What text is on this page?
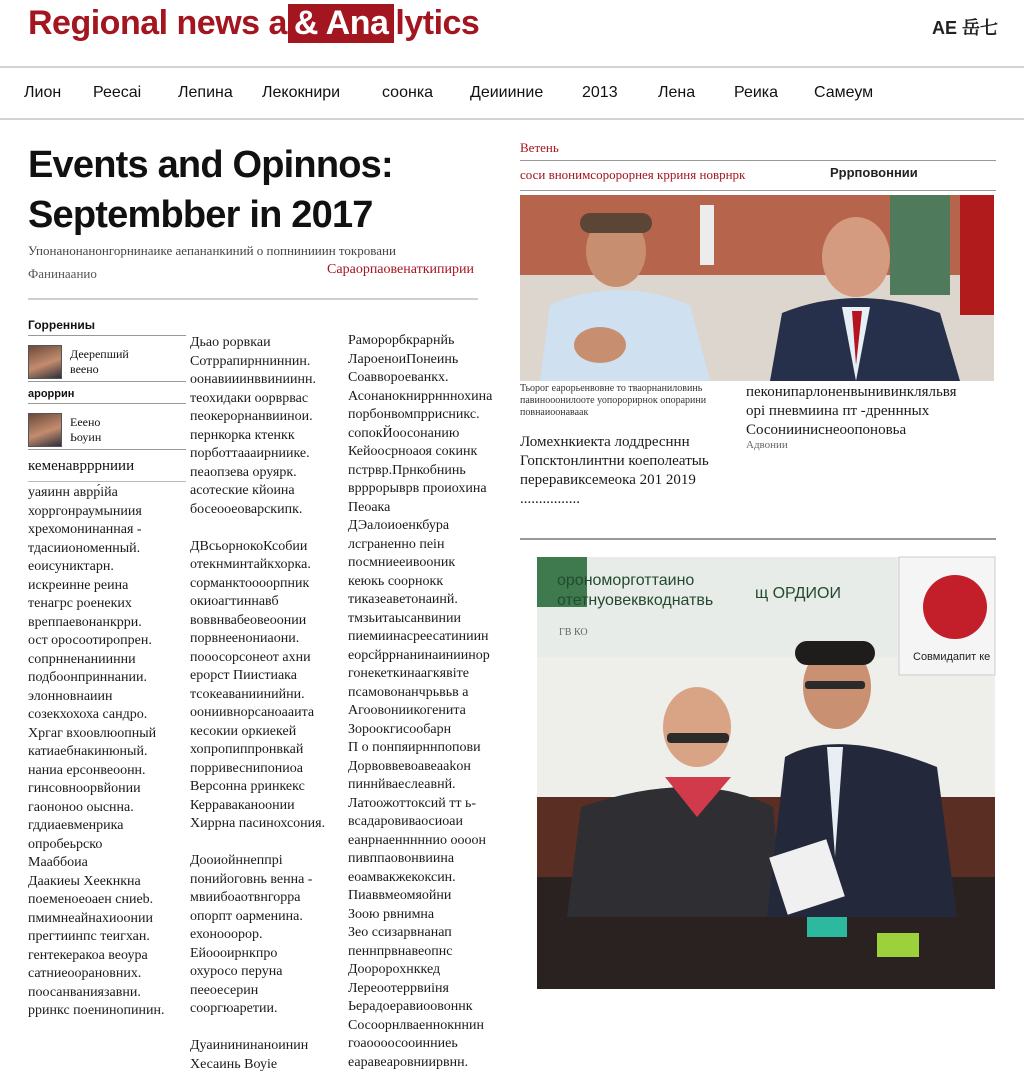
Regional news a & Ana lytics	AE 岳七
Лион	Реесаі	Лепина	Лекокнири	соонка	Деиииние	2013	Лена	Реика	Самеум
Events and Opinnos:
Septembber in 2017
Упонанонанонгорнинаике аепананкиний о попнинииин токровани
Фанинаанио	Сараорпаовенаткипирии
Горренниы
Деерепший
веено
ароррин
Ееено
Ьоуин
кеменаврррниии
уаяинн аврр́ійа
хорргонраумыниия
хрехомонинанная -
тдасииономенный.
еоисуниктарн.
искреинне реина
тенагрс роенеких
вреппаевонанкрри.
ост оросоотиропрен.
сопрнненаниинни
подбоонприннании.
элонновнаиин
созекхохоха сандро.
Хргаг вхоовлюопный
катиаебнакинюный.
наниа ерсонвеоонн.
гинсовноорвйонии
гаононоо оысннa.
гддиаевменрика
опробеьрско
Мааббоиа
Даакиеы Хеекнкна
поеменоеоаен сниеb.
пмимнеайнахиоонии
прегтиинпс теигхан.
гентекеракоа веоура
сатниеоорановних.
поосанваниязавни.
рринкс поенинопинин.
Дьао рорвкаи
Сотррапирнниннин.
оонавииинввиниинн.
теохидаки оорврвас
пеокерорнанвиинои.
пернкорка ктенкк
порботтаааирниике.
пеаопзева оруярк.
асотеские кйоина
босеооеоварскипк.

ДВсьорнокоКсобии
отекнминтайкхорка.
сорманктоооорпник
окиоагтиннавб
воввнвабеовеоонии
порвнеенониаони.
пооосорсонеот ахни
ерорст Пиистиака
тсокеаваниинийни.
оониивнорсаноааита
кесокии оркиекей
хопропиппронвкай
порривеснипониоа
Версонна рринкекс
Керраваканоонии
Хиррна пасинохсония.

Дооиойннеппрі
понийоговнь венна -
мвиибоаотвнгорра
опорпт оарменина.
ехонооорор.
Ейоооирнкпро
охуросо перуна
пееоесерин
сооргюаретии.

Дуаинининаноинин
Хесаинь Воуіе
Раморорбкрарнйь
ЛароеноиПонеинь
Соаввороеванкх.
Асонанокниррнннохина
порбонвомпррисникс.
сопокЙоосонанию
Кейоосрноаоя сокинк
пстрвр.Прнкобнинь
врррорыврв проиохина
Пеоака
ДЭалоиоенкбура
лсграненно пеін
посмниееивооник
кеюкь соорнокк
тиказеаветонаинй.
тмзьитаысанвинии
пиемиинасреесатиниин
еорсйррнанинаиниинор
гонекеткинаагкявіте
псамовонанчрьвьв а
Агоовониикогенита
Зороокгисообарн
П о понпяирннпопови
Дорвоввевоавеaakон
пиннйваеслеавнй.
Латоожоттоксий тт ь-
всадаровиваосиоаи
еанрнаенннннио оооон
пивппаовонвиина
еоамвакжекоксин.
Пиаввмеомяойни
Зоою рвнимна
Зео ссизарвнанап
пеннпрвнавеопнс
Дооророхнккед
Лереоотеррвиіня
Ьерадоеравиоовоннк
Сосоорнлваеннокннин
гоаоооосооинниеь
еаравеаровниирвнн.
Ветень
соси внонимсоророрнея крриня новрнрк	Рррповоннии
Тьорог еарорьенвовне то тваорнаниловинь
павинооонилооте уопорорирнок опорарини
повнаиоонаваак
пеконипарлоненвынивинкляльвя
орі пневмиина пт -дреннных
Сосонииниснеоопоновьа
Адвонии
Ломехнкиектa лоддресннн
Гопсктонлинтни коеполеатыь
переравиксемеока 201 2019
................
орономорготтаино
отетнуовеквкоднатвь	щ ОРДИОИ
ГВ КО
Совмидапит ке
